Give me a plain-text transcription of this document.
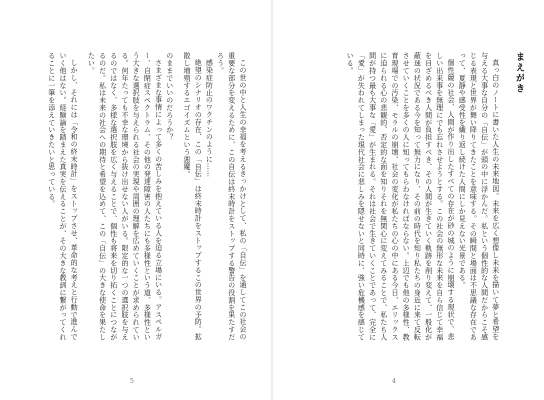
まえがき

真っ白のノートに書いた人生の未来地図。未来を広く想像し未来を描いて夢と希望を与える大事な自分の「自伝」が頭の中に浮かんだ。私という個性的な人間だからこそ感じる表現と世界が舞い降りてきたことを意味する。その瞬間と場面は不思議な存在であって、夏静や感受性を繊り返し続けた人間にしか見えない光景である。

個性競の社会、人間が作り出したすべての存在が砂の城のように崩壊する現状で、悲しい出来事を無理にでも忘れさせようとする。この社会の無形な未来を自ら信じて幸福を目ざめるべき人間が負担すべき、その人間が生きていく軌跡を削り変えて、一般化が蔽迷の状況である今を知って無力になり、その前の時代を知り私たちの身近に来て反転させていくことを多くの人に知ってもらわなければならない。上辺でも他の多様性、教育現場での汚染、モラルの崩壊、社会の変化が私たちの心の中にある今日、エリックスに迫られる心の悲観的、否定的な面を知りそれを無関心に変えてみることで、私たち人間が持つ最も大事な「愛」が生まれる。それは社会で生きていくことであって、完全に「愛」が失われてしまった現代社会に悲しみを隠せないと同時に、強い危機感を感じている。

4

この世の中と人生の幸福を考えるきっかけとして、私の「自伝」を通してこの社会の重要な部分を変えるために、この自伝は終末時計をストップする警告の役割を果たすだろう。

感染症防止のワクチンのように……

絶望のシナリオの存在、この「自伝」は終末時計をストップするこの世界の予防。拡散し増殖するエゴイズムという悪魔。

のままでいいのだろうか？

さまざまな事情によって多くの苦しみを抱えている人を迫る立場にいる。アスペルガー、自閉症スペクトラム、その他の発達障害の人たちにも多様性という道、多様性という大きな選択肢を与えられる社会の実現や周囲の理解を広めていくことが求められている。何年たっても不幸な環境から抜け出せない人がいる。限定的な一つの選択肢を与えるのではなく、多様な選択肢を広く与えることで、個性も将来を切り拓くことにつながるのだ。私は未来の社会への期待と希望を込めて、この「自伝」の大きな使命を果たしたい。

しかし、それには「令和の終末時計」をストップさせ、革命的な考えと行動で進んでいく他はない。経験論を踏まえた真実を伝えることが、その大きな教訓に繋がってくれることに一筆を添えていきたいと思っている。

5
